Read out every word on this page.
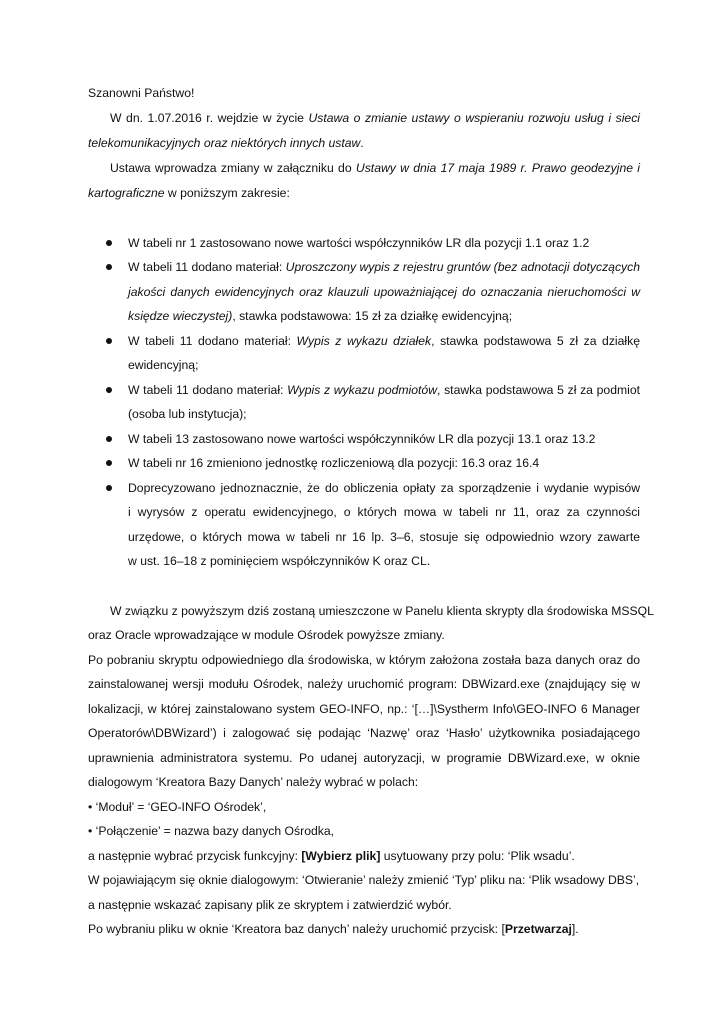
Szanowni Państwo!
W dn. 1.07.2016 r. wejdzie w życie Ustawa o zmianie ustawy o wspieraniu rozwoju usług i sieci
telekomunikacyjnych oraz niektórych innych ustaw.
Ustawa wprowadza zmiany w załączniku do Ustawy w dnia 17 maja 1989 r. Prawo geodezyjne i
kartograficzne w poniższym zakresie:
W tabeli nr 1 zastosowano nowe wartości współczynników LR dla pozycji 1.1 oraz 1.2
W tabeli 11 dodano materiał: Uproszczony wypis z rejestru gruntów (bez adnotacji dotyczących
jakości danych ewidencyjnych oraz klauzuli upoważniającej do oznaczania nieruchomości w
księdze wieczystej), stawka podstawowa: 15 zł za działkę ewidencyjną;
W tabeli 11 dodano materiał: Wypis z wykazu działek, stawka podstawowa 5 zł za działkę
ewidencyjną;
W tabeli 11 dodano materiał: Wypis z wykazu podmiotów, stawka podstawowa 5 zł za podmiot
(osoba lub instytucja);
W tabeli 13 zastosowano nowe wartości współczynników LR dla pozycji 13.1 oraz 13.2
W tabeli nr 16 zmieniono jednostkę rozliczeniową dla pozycji: 16.3 oraz 16.4
Doprecyzowano jednoznacznie, że do obliczenia opłaty za sporządzenie i wydanie wypisów
i wyrysów z operatu ewidencyjnego, o których mowa w tabeli nr 11, oraz za czynności
urzędowe, o których mowa w tabeli nr 16 lp. 3–6, stosuje się odpowiednio wzory zawarte
w ust. 16–18 z pominięciem współczynników K oraz CL.
W związku z powyższym dziś zostaną umieszczone w Panelu klienta skrypty dla środowiska MSSQL
oraz Oracle wprowadzające w module Ośrodek powyższe zmiany.
Po pobraniu skryptu odpowiedniego dla środowiska, w którym założona została baza danych oraz do
zainstalowanej wersji modułu Ośrodek, należy uruchomić program: DBWizard.exe (znajdujący się w
lokalizacji, w której zainstalowano system GEO-INFO, np.: ‘[…]\Systherm Info\GEO-INFO 6 Manager
Operatorów\DBWizard’) i zalogować się podając ‘Nazwę’ oraz ‘Hasło’ użytkownika posiadającego
uprawnienia administratora systemu. Po udanej autoryzacji, w programie DBWizard.exe, w oknie
dialogowym ‘Kreatora Bazy Danych’ należy wybrać w polach:
• ‘Moduł’ = ‘GEO-INFO Ośrodek’,
• ‘Połączenie’ = nazwa bazy danych Ośrodka,
a następnie wybrać przycisk funkcyjny: [Wybierz plik] usytuowany przy polu: ‘Plik wsadu’.
W pojawiającym się oknie dialogowym: ‘Otwieranie’ należy zmienić ‘Typ’ pliku na: ‘Plik wsadowy DBS’,
a następnie wskazać zapisany plik ze skryptem i zatwierdzić wybór.
Po wybraniu pliku w oknie ‘Kreatora baz danych’ należy uruchomić przycisk: [Przetwarzaj].
